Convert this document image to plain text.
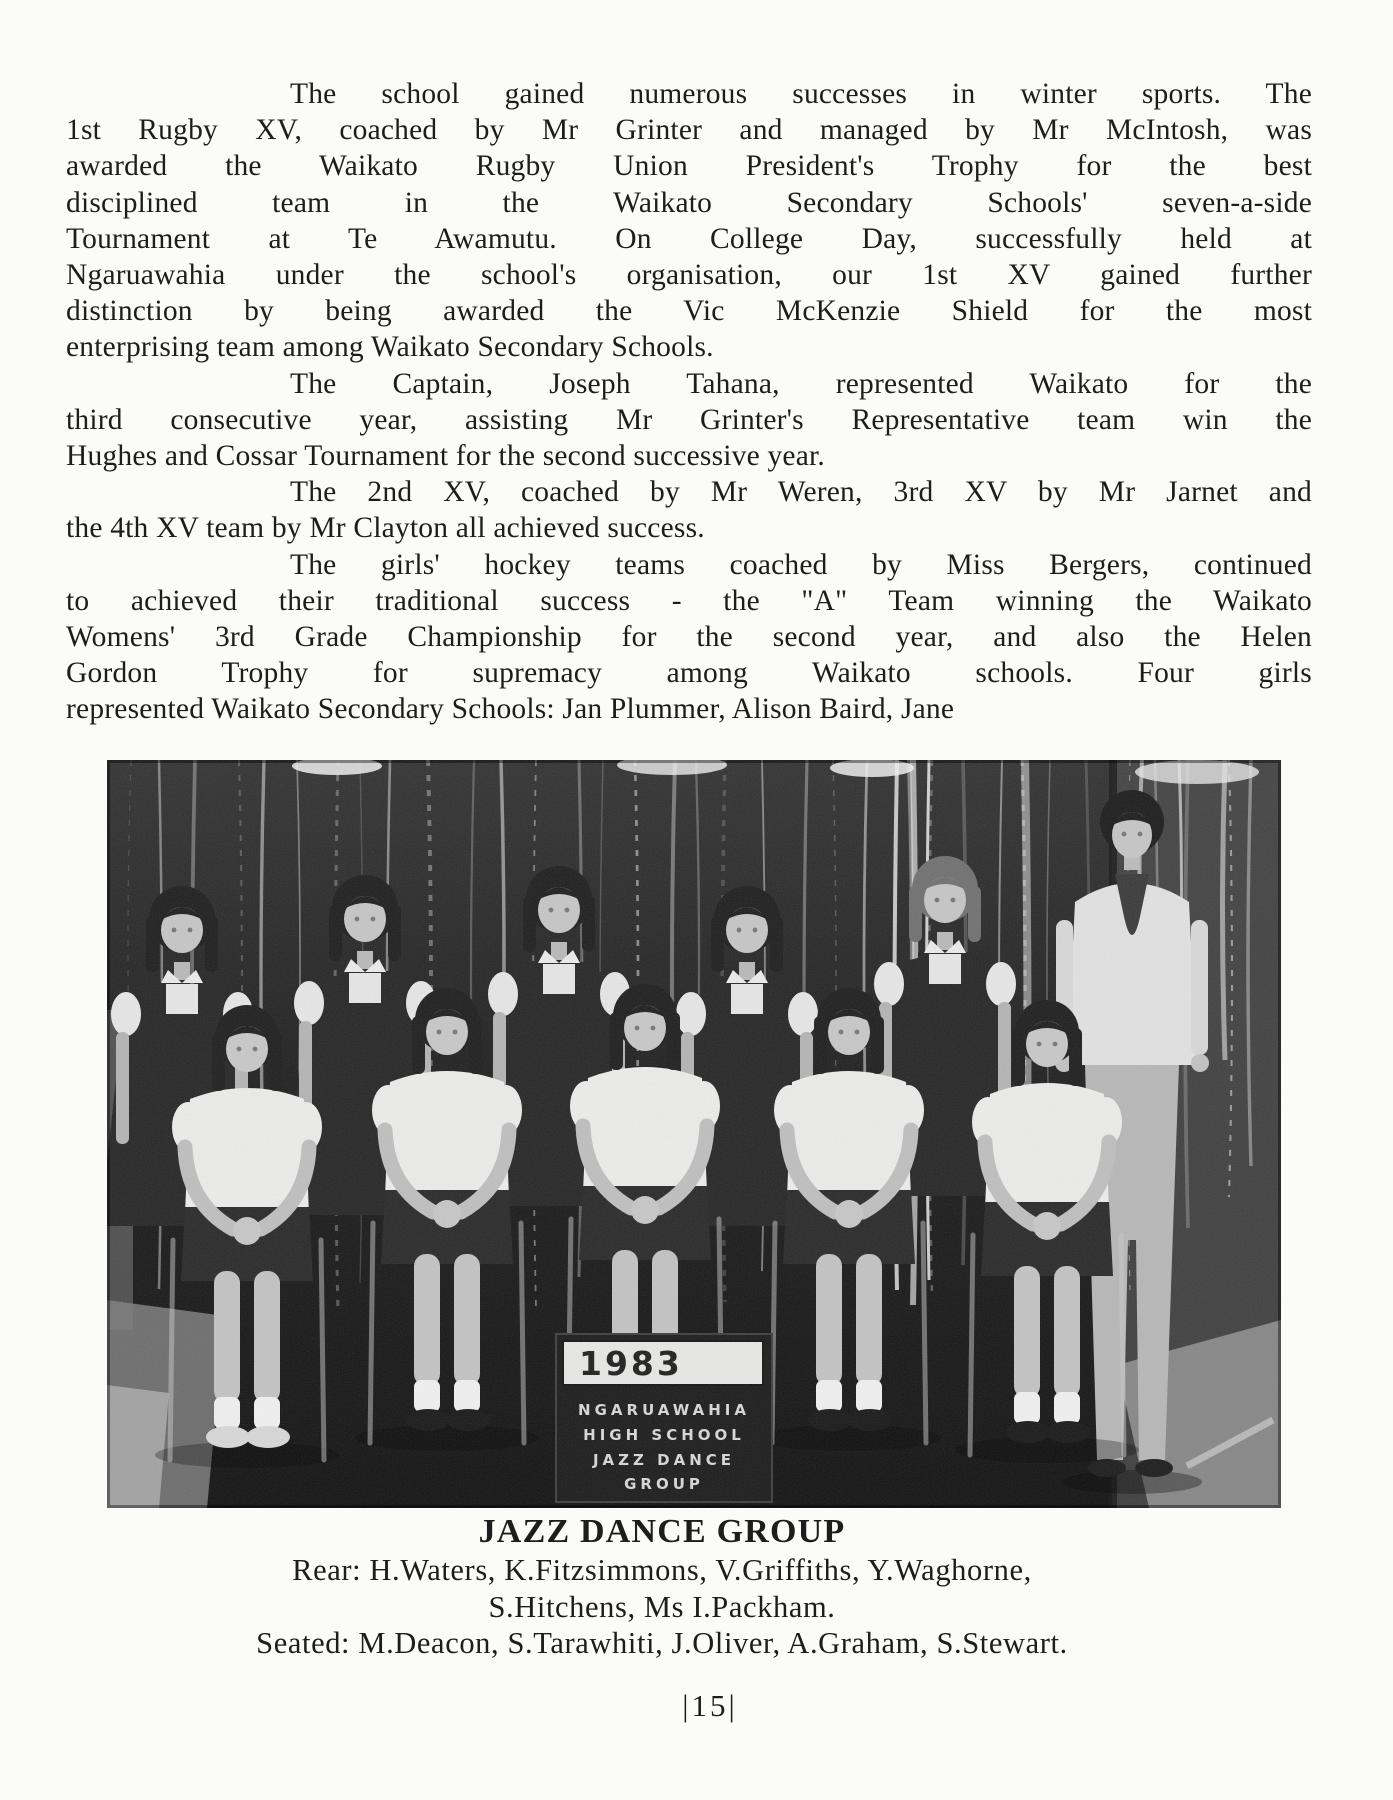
The school gained numerous successes in winter sports. The
1st Rugby XV, coached by Mr Grinter and managed by Mr McIntosh, was
awarded the Waikato Rugby Union President's Trophy for the best
disciplined team in the Waikato Secondary Schools' seven-a-side
Tournament at Te Awamutu. On College Day, successfully held at
Ngaruawahia under the school's organisation, our 1st XV gained further
distinction by being awarded the Vic McKenzie Shield for the most
enterprising team among Waikato Secondary Schools.
The Captain, Joseph Tahana, represented Waikato for the
third consecutive year, assisting Mr Grinter's Representative team win the
Hughes and Cossar Tournament for the second successive year.
The 2nd XV, coached by Mr Weren, 3rd XV by Mr Jarnet and
the 4th XV team by Mr Clayton all achieved success.
The girls' hockey teams coached by Miss Bergers, continued
to achieved their traditional success - the "A" Team winning the Waikato
Womens' 3rd Grade Championship for the second year, and also the Helen
Gordon Trophy for supremacy among Waikato schools. Four girls
represented Waikato Secondary Schools: Jan Plummer, Alison Baird, Jane
1983
NGARUAWAHIA
HIGH SCHOOL
JAZZ DANCE
GROUP
JAZZ DANCE GROUP
Rear: H.Waters, K.Fitzsimmons, V.Griffiths, Y.Waghorne,
S.Hitchens, Ms I.Packham.
Seated: M.Deacon, S.Tarawhiti, J.Oliver, A.Graham, S.Stewart.
|15|
